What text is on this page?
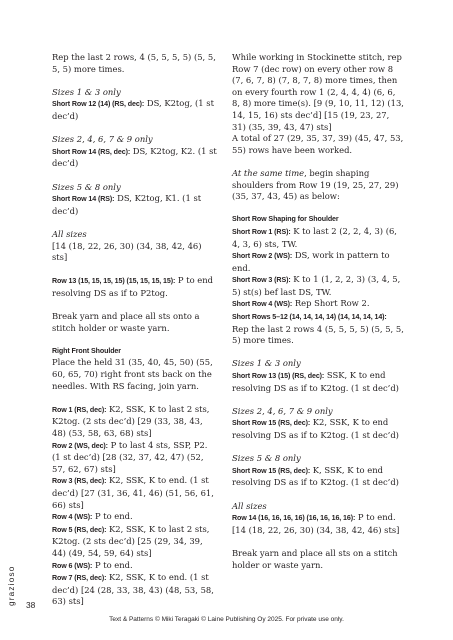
Rep the last 2 rows, 4 (5, 5, 5, 5) (5, 5, 5, 5) more times.

Sizes 1 & 3 only

Short Row 12 (14) (RS, dec): DS, K2tog, (1 st dec’d)

Sizes 2, 4, 6, 7 & 9 only

Short Row 14 (RS, dec): DS, K2tog, K2. (1 st dec’d)

Sizes 5 & 8 only

Short Row 14 (RS): DS, K2tog, K1. (1 st dec’d)

All sizes

[14 (18, 22, 26, 30) (34, 38, 42, 46) sts]

Row 13 (15, 15, 15, 15) (15, 15, 15, 15): P to end resolving DS as if to P2tog.

Break yarn and place all sts onto a stitch holder or waste yarn.

Right Front Shoulder

Place the held 31 (35, 40, 45, 50) (55, 60, 65, 70) right front sts back on the needles. With RS facing, join yarn.

Row 1 (RS, dec): K2, SSK, K to last 2 sts, K2tog. (2 sts dec’d) [29 (33, 38, 43, 48) (53, 58, 63, 68) sts]

Row 2 (WS, dec): P to last 4 sts, SSP, P2. (1 st dec’d) [28 (32, 37, 42, 47) (52, 57, 62, 67) sts]

Row 3 (RS, dec): K2, SSK, K to end. (1 st dec’d) [27 (31, 36, 41, 46) (51, 56, 61, 66) sts]

Row 4 (WS): P to end.

Row 5 (RS, dec): K2, SSK, K to last 2 sts, K2tog. (2 sts dec’d) [25 (29, 34, 39, 44) (49, 54, 59, 64) sts]

Row 6 (WS): P to end.

Row 7 (RS, dec): K2, SSK, K to end. (1 st dec’d) [24 (28, 33, 38, 43) (48, 53, 58, 63) sts]

While working in Stockinette stitch, rep Row 7 (dec row) on every other row 8 (7, 6, 7, 8) (7, 8, 7, 8) more times, then on every fourth row 1 (2, 4, 4, 4) (6, 6, 8, 8) more time(s). [9 (9, 10, 11, 12) (13, 14, 15, 16) sts dec’d] [15 (19, 23, 27, 31) (35, 39, 43, 47) sts]

A total of 27 (29, 35, 37, 39) (45, 47, 53, 55) rows have been worked.

At the same time, begin shaping shoulders from Row 19 (19, 25, 27, 29) (35, 37, 43, 45) as below:

Short Row Shaping for Shoulder

Short Row 1 (RS): K to last 2 (2, 2, 4, 3) (6, 4, 3, 6) sts, TW.

Short Row 2 (WS): DS, work in pattern to end.

Short Row 3 (RS): K to 1 (1, 2, 2, 3) (3, 4, 5, 5) st(s) bef last DS, TW.

Short Row 4 (WS): Rep Short Row 2.

Short Rows 5–12 (14, 14, 14, 14) (14, 14, 14, 14): Rep the last 2 rows 4 (5, 5, 5, 5) (5, 5, 5, 5) more times.

Sizes 1 & 3 only

Short Row 13 (15) (RS, dec): SSK, K to end resolving DS as if to K2tog. (1 st dec’d)

Sizes 2, 4, 6, 7 & 9 only

Short Row 15 (RS, dec): K2, SSK, K to end resolving DS as if to K2tog. (1 st dec’d)

Sizes 5 & 8 only

Short Row 15 (RS, dec): K, SSK, K to end resolving DS as if to K2tog. (1 st dec’d)

All sizes

Row 14 (16, 16, 16, 16) (16, 16, 16, 16): P to end. [14 (18, 22, 26, 30) (34, 38, 42, 46) sts]

Break yarn and place all sts on a stitch holder or waste yarn.

grazioso	38
Text & Patterns © Miki Teragaki © Laine Publishing Oy 2025. For private use only.
